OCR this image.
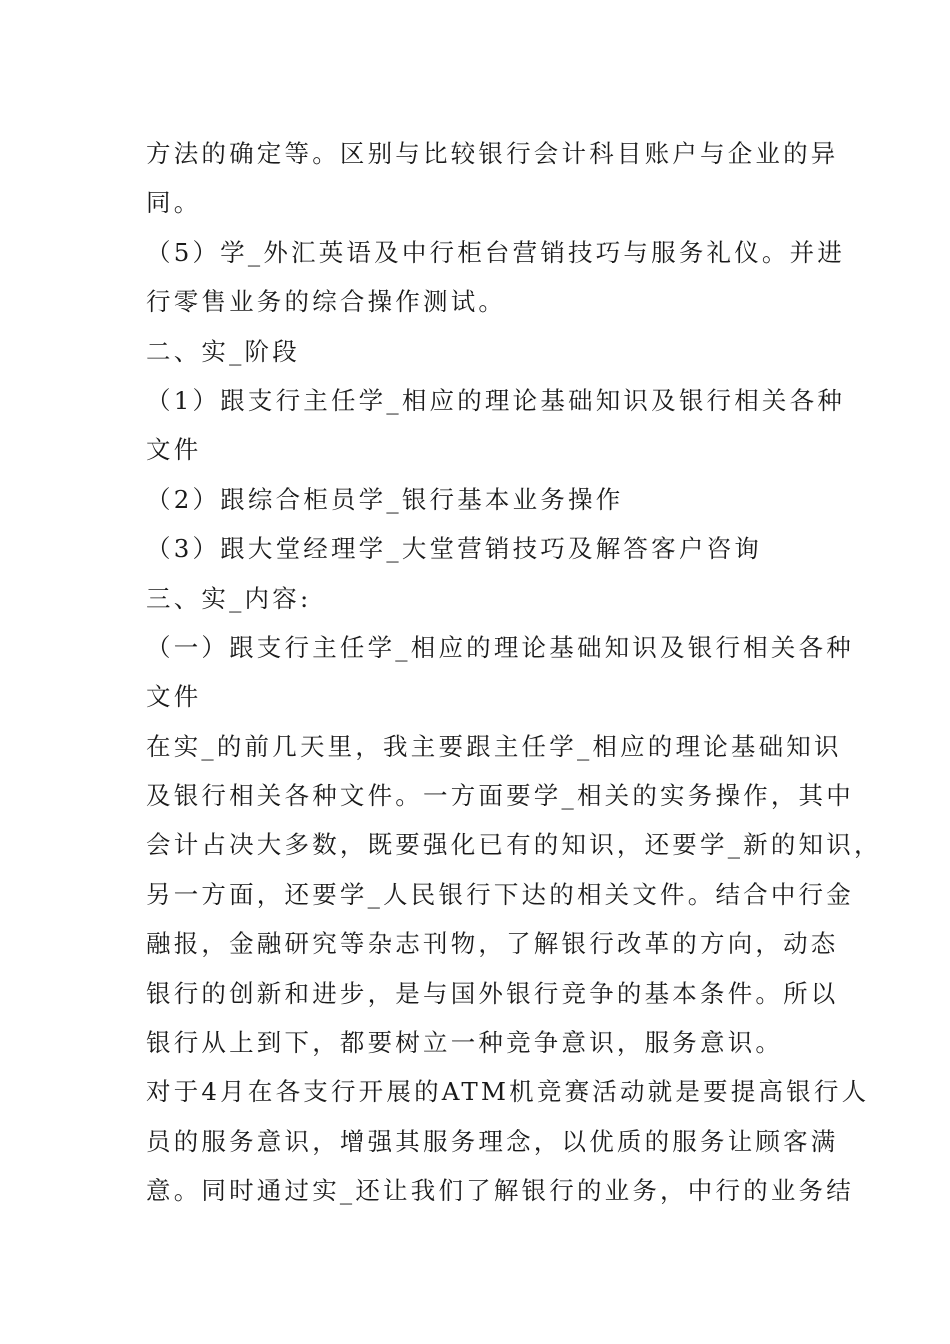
方法的确定等。区别与比较银行会计科目账户与企业的异
同。
（5）学_外汇英语及中行柜台营销技巧与服务礼仪。并进
行零售业务的综合操作测试。
二、实_阶段
（1）跟支行主任学_相应的理论基础知识及银行相关各种
文件
（2）跟综合柜员学_银行基本业务操作
（3）跟大堂经理学_大堂营销技巧及解答客户咨询
三、实_内容:
（一）跟支行主任学_相应的理论基础知识及银行相关各种
文件
在实_的前几天里，我主要跟主任学_相应的理论基础知识
及银行相关各种文件。一方面要学_相关的实务操作，其中
会计占决大多数，既要强化已有的知识，还要学_新的知识，
另一方面，还要学_人民银行下达的相关文件。结合中行金
融报，金融研究等杂志刊物，了解银行改革的方向，动态
银行的创新和进步，是与国外银行竞争的基本条件。所以
银行从上到下，都要树立一种竞争意识，服务意识。
对于4月在各支行开展的ATM机竞赛活动就是要提高银行人
员的服务意识，增强其服务理念，以优质的服务让顾客满
意。同时通过实_还让我们了解银行的业务，中行的业务结
